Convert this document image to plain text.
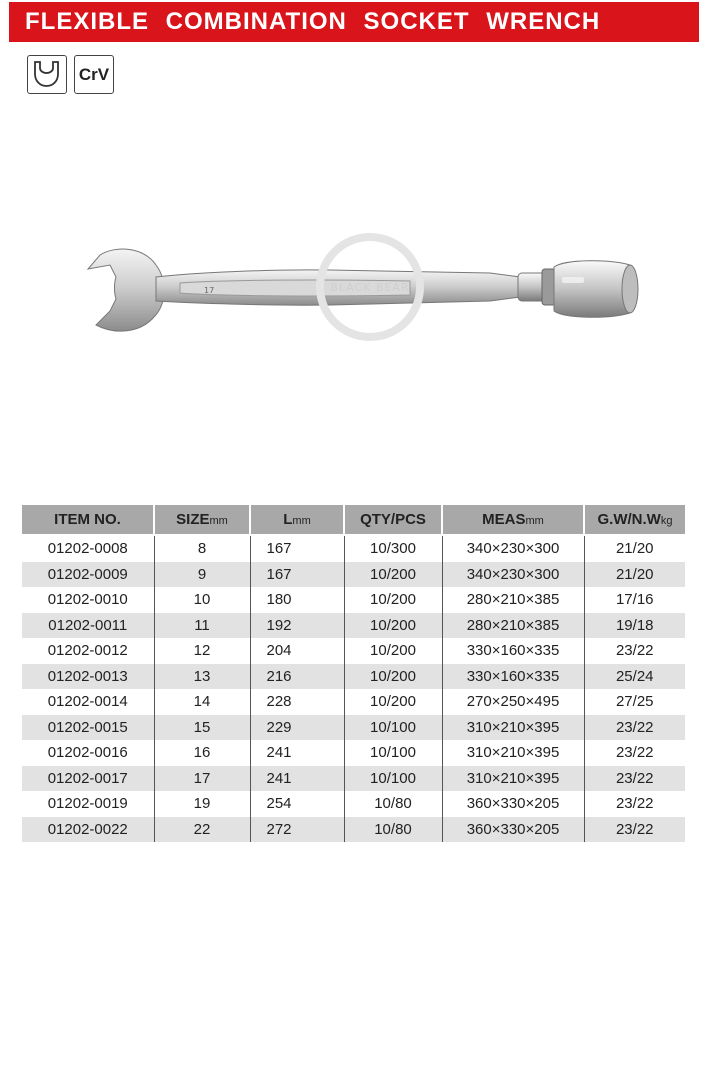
FLEXIBLE COMBINATION SOCKET WRENCH
CrV
17	BLACK BEAR
ITEM NO.	SIZEmm	Lmm	QTY/PCS	MEASmm	G.W/N.Wkg
01202-0008	8	167	10/300	340×230×300	21/20
01202-0009	9	167	10/200	340×230×300	21/20
01202-0010	10	180	10/200	280×210×385	17/16
01202-0011	11	192	10/200	280×210×385	19/18
01202-0012	12	204	10/200	330×160×335	23/22
01202-0013	13	216	10/200	330×160×335	25/24
01202-0014	14	228	10/200	270×250×495	27/25
01202-0015	15	229	10/100	310×210×395	23/22
01202-0016	16	241	10/100	310×210×395	23/22
01202-0017	17	241	10/100	310×210×395	23/22
01202-0019	19	254	10/80	360×330×205	23/22
01202-0022	22	272	10/80	360×330×205	23/22
